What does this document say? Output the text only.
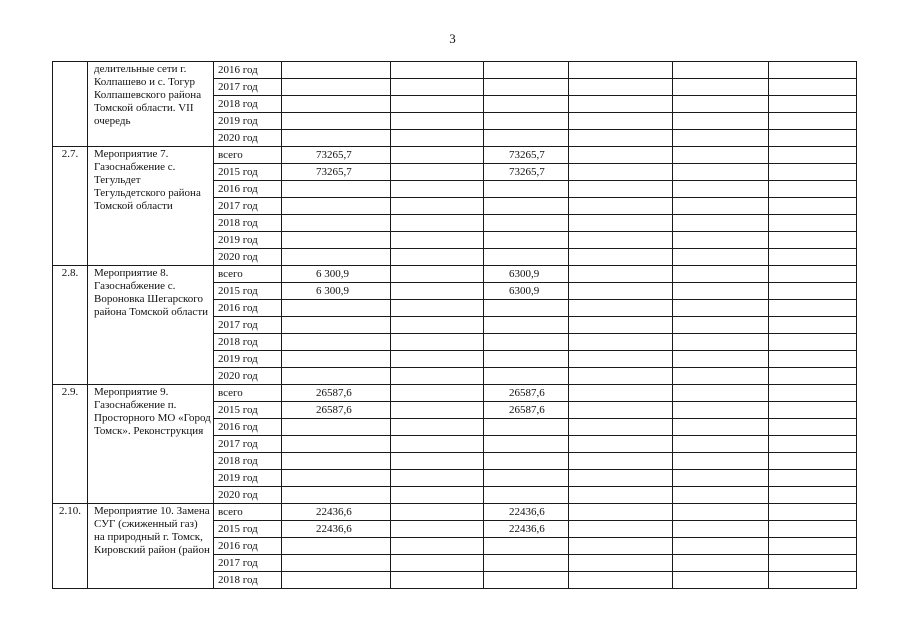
3
	делительные сети г. Колпашево и с. Тогур Колпашевского района Томской области. VII очередь	2016 год						
		2017 год						
		2018 год						
		2019 год						
		2020 год						
2.7.	Мероприятие 7. Газоснабжение с. Тегульдет Тегульдетского района Томской области	всего	73265,7		73265,7			
		2015 год	73265,7		73265,7			
		2016 год						
		2017 год						
		2018 год						
		2019 год						
		2020 год						
2.8.	Мероприятие 8. Газоснабжение с. Вороновка Шегарского района Томской области	всего	6 300,9		6300,9			
		2015 год	6 300,9		6300,9			
		2016 год						
		2017 год						
		2018 год						
		2019 год						
		2020 год						
2.9.	Мероприятие 9. Газоснабжение п. Просторного МО «Город Томск». Реконструкция	всего	26587,6		26587,6			
		2015 год	26587,6		26587,6			
		2016 год						
		2017 год						
		2018 год						
		2019 год						
		2020 год						
2.10.	Мероприятие 10. Замена СУГ (сжиженный газ) на природный г. Томск, Кировский район (район	всего	22436,6		22436,6			
		2015 год	22436,6		22436,6			
		2016 год						
		2017 год						
		2018 год						
